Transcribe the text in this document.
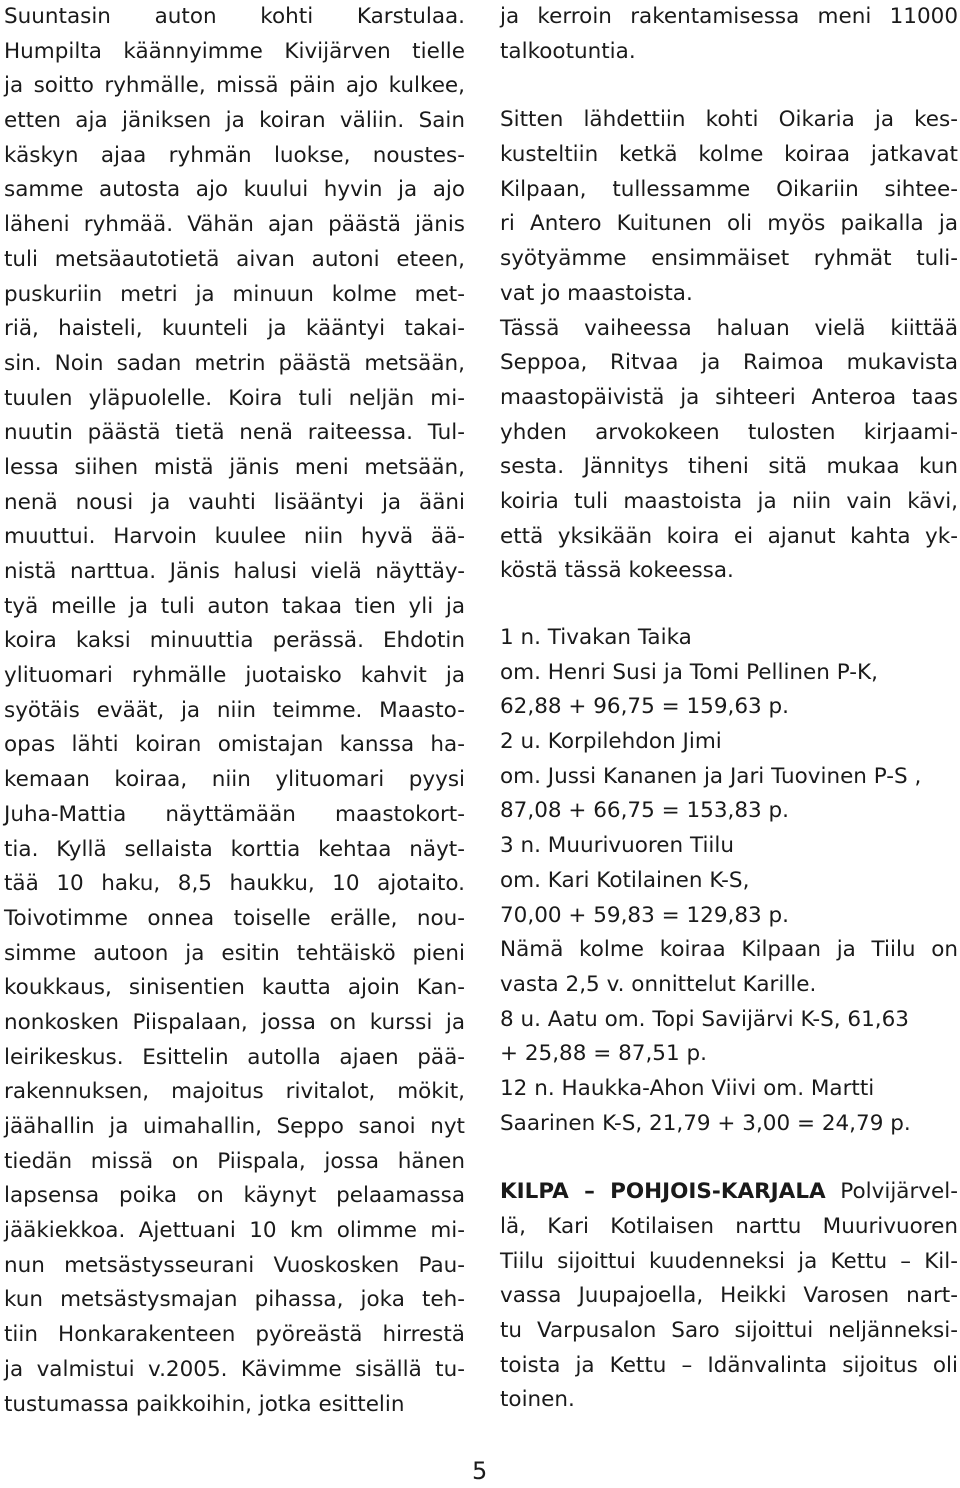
Suuntasin auton kohti Karstulaa.
Humpilta käännyimme Kivijärven tielle
ja soitto ryhmälle, missä päin ajo kulkee,
etten aja jäniksen ja koiran väliin. Sain
käskyn ajaa ryhmän luokse, noustes-
samme autosta ajo kuului hyvin ja ajo
läheni ryhmää. Vähän ajan päästä jänis
tuli metsäautotietä aivan autoni eteen,
puskuriin metri ja minuun kolme met-
riä, haisteli, kuunteli ja kääntyi takai-
sin. Noin sadan metrin päästä metsään,
tuulen yläpuolelle. Koira tuli neljän mi-
nuutin päästä tietä nenä raiteessa. Tul-
lessa siihen mistä jänis meni metsään,
nenä nousi ja vauhti lisääntyi ja ääni
muuttui. Harvoin kuulee niin hyvä ää-
nistä narttua. Jänis halusi vielä näyttäy-
tyä meille ja tuli auton takaa tien yli ja
koira kaksi minuuttia perässä. Ehdotin
ylituomari ryhmälle juotaisko kahvit ja
syötäis eväät, ja niin teimme. Maasto-
opas lähti koiran omistajan kanssa ha-
kemaan koiraa, niin ylituomari pyysi
Juha-Mattia näyttämään maastokort-
tia. Kyllä sellaista korttia kehtaa näyt-
tää 10 haku, 8,5 haukku, 10 ajotaito.
Toivotimme onnea toiselle erälle, nou-
simme autoon ja esitin tehtäiskö pieni
koukkaus, sinisentien kautta ajoin Kan-
nonkosken Piispalaan, jossa on kurssi ja
leirikeskus. Esittelin autolla ajaen pää-
rakennuksen, majoitus rivitalot, mökit,
jäähallin ja uimahallin, Seppo sanoi nyt
tiedän missä on Piispala, jossa hänen
lapsensa poika on käynyt pelaamassa
jääkiekkoa. Ajettuani 10 km olimme mi-
nun metsästysseurani Vuoskosken Pau-
kun metsästysmajan pihassa, joka teh-
tiin Honkarakenteen pyöreästä hirrestä
ja valmistui v.2005. Kävimme sisällä tu-
tustumassa paikkoihin, jotka esittelin
ja kerroin rakentamisessa meni 11000
talkootuntia.
Sitten lähdettiin kohti Oikaria ja kes-
kusteltiin ketkä kolme koiraa jatkavat
Kilpaan, tullessamme Oikariin sihtee-
ri Antero Kuitunen oli myös paikalla ja
syötyämme ensimmäiset ryhmät tuli-
vat jo maastoista.
Tässä vaiheessa haluan vielä kiittää
Seppoa, Ritvaa ja Raimoa mukavista
maastopäivistä ja sihteeri Anteroa taas
yhden arvokokeen tulosten kirjaami-
sesta. Jännitys tiheni sitä mukaa kun
koiria tuli maastoista ja niin vain kävi,
että yksikään koira ei ajanut kahta yk-
köstä tässä kokeessa.
1 n. Tivakan Taika
om. Henri Susi ja Tomi Pellinen P-K,
62,88 + 96,75 = 159,63 p.
2 u. Korpilehdon Jimi
om. Jussi Kananen ja Jari Tuovinen P-S ,
87,08 + 66,75 = 153,83 p.
3 n. Muurivuoren Tiilu
om. Kari Kotilainen K-S,
70,00 + 59,83 = 129,83 p.
Nämä kolme koiraa Kilpaan ja Tiilu on
vasta 2,5 v. onnittelut Karille.
8 u. Aatu om. Topi Savijärvi K-S, 61,63
+ 25,88 = 87,51 p.
12 n. Haukka-Ahon Viivi om. Martti
Saarinen K-S, 21,79 + 3,00 = 24,79 p.
KILPA – POHJOIS-KARJALA Polvijärvel-
lä, Kari Kotilaisen narttu Muurivuoren
Tiilu sijoittui kuudenneksi ja Kettu – Kil-
vassa Juupajoella, Heikki Varosen nart-
tu Varpusalon Saro sijoittui neljänneksi-
toista ja Kettu – Idänvalinta sijoitus oli
toinen.
5
